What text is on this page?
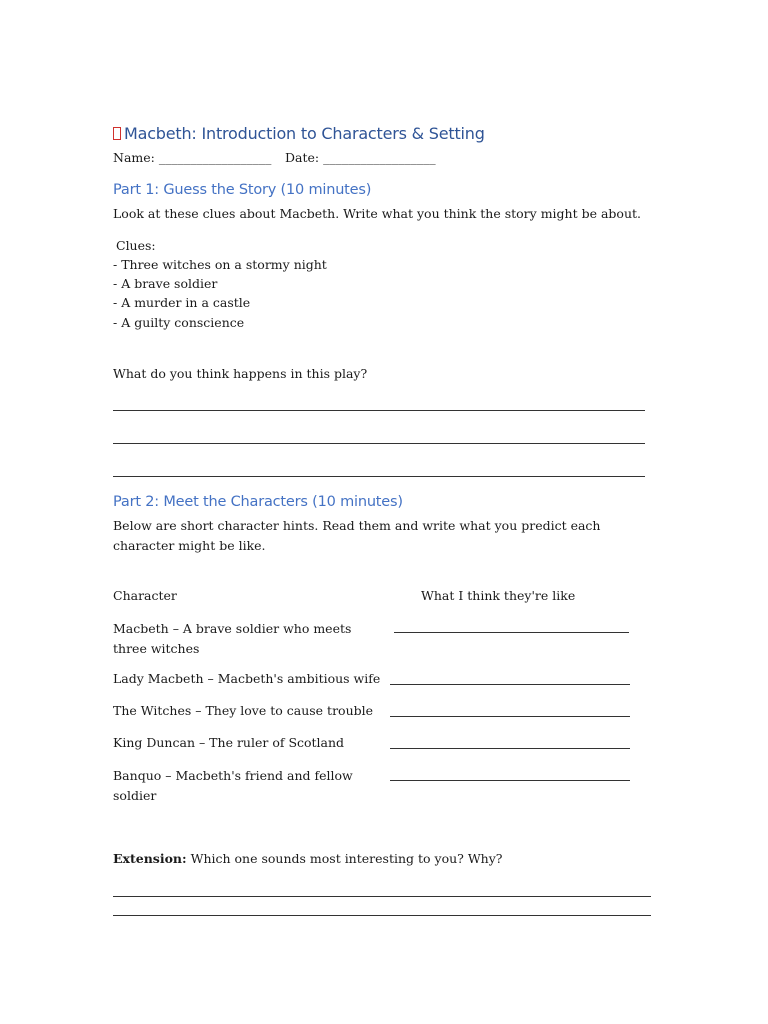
Macbeth: Introduction to Characters & Setting
Name: __________________ Date: __________________
Part 1: Guess the Story (10 minutes)
Look at these clues about Macbeth. Write what you think the story might be about.
Clues:
- Three witches on a stormy night
- A brave soldier
- A murder in a castle
- A guilty conscience
What do you think happens in this play?
Part 2: Meet the Characters (10 minutes)
Below are short character hints. Read them and write what you predict each character might be like.
Character	What I think they're like
Macbeth – A brave soldier who meets three witches
Lady Macbeth – Macbeth's ambitious wife
The Witches – They love to cause trouble
King Duncan – The ruler of Scotland
Banquo – Macbeth's friend and fellow soldier
Extension: Which one sounds most interesting to you? Why?
